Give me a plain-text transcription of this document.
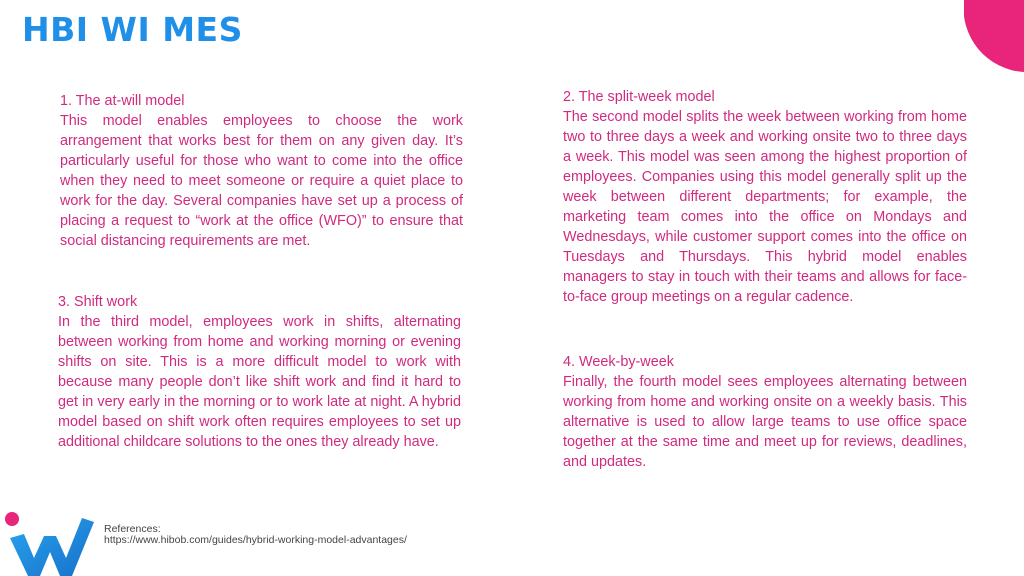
HBI WI MES

1. The at-will model

This model enables employees to choose the work arrangement that works best for them on any given day. It’s particularly useful for those who want to come into the office when they need to meet someone or require a quiet place to work for the day. Several companies have set up a process of placing a request to “work at the office (WFO)” to ensure that social distancing requirements are met.

2. The split-week model

The second model splits the week between working from home two to three days a week and working onsite two to three days a week. This model was seen among the highest proportion of employees. Companies using this model generally split up the week between different departments; for example, the marketing team comes into the office on Mondays and Wednesdays, while customer support comes into the office on Tuesdays and Thursdays. This hybrid model enables managers to stay in touch with their teams and allows for face-to-face group meetings on a regular cadence.

3. Shift work

In the third model, employees work in shifts, alternating between working from home and working morning or evening shifts on site. This is a more difficult model to work with because many people don’t like shift work and find it hard to get in very early in the morning or to work late at night. A hybrid model based on shift work often requires employees to set up additional childcare solutions to the ones they already have.

4. Week-by-week

Finally, the fourth model sees employees alternating between working from home and working onsite on a weekly basis. This alternative is used to allow large teams to use office space together at the same time and meet up for reviews, deadlines, and updates.

References:
https://www.hibob.com/guides/hybrid-working-model-advantages/
